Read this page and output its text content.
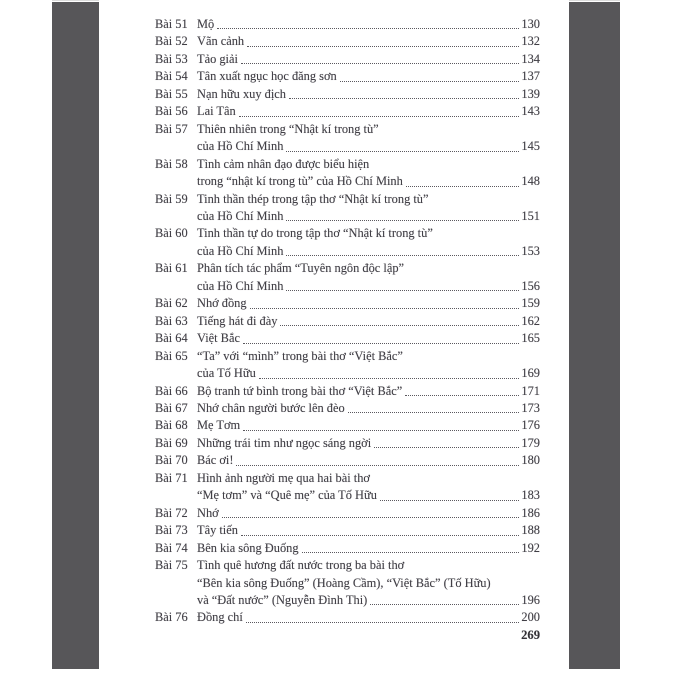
Bài 51 Mộ	130
Bài 52 Vãn cảnh	132
Bài 53 Tảo giải	134
Bài 54 Tân xuất ngục học đăng sơn	137
Bài 55 Nạn hữu xuy địch	139
Bài 56 Lai Tân	143
Bài 57 Thiên nhiên trong “Nhật kí trong tù”
của Hồ Chí Minh	145
Bài 58 Tình cảm nhân đạo được biểu hiện
trong “nhật kí trong tù” của Hồ Chí Minh	148
Bài 59 Tinh thần thép trong tập thơ “Nhật kí trong tù”
của Hồ Chí Minh	151
Bài 60 Tinh thần tự do trong tập thơ “Nhật kí trong tù”
của Hồ Chí Minh	153
Bài 61 Phân tích tác phẩm “Tuyên ngôn độc lập”
của Hồ Chí Minh	156
Bài 62 Nhớ đồng	159
Bài 63 Tiếng hát đi đày	162
Bài 64 Việt Bắc	165
Bài 65 “Ta” với “mình” trong bài thơ “Việt Bắc”
của Tố Hữu	169
Bài 66 Bộ tranh tứ bình trong bài thơ “Việt Bắc”	171
Bài 67 Nhớ chân người bước lên đèo	173
Bài 68 Mẹ Tơm	176
Bài 69 Những trái tim như ngọc sáng ngời	179
Bài 70 Bác ơi!	180
Bài 71 Hình ảnh người mẹ qua hai bài thơ
“Mẹ tơm” và “Quê mẹ” của Tố Hữu	183
Bài 72 Nhớ	186
Bài 73 Tây tiến	188
Bài 74 Bên kia sông Đuống	192
Bài 75 Tình quê hương đất nước trong ba bài thơ
“Bên kia sông Đuống” (Hoàng Cầm), “Việt Bắc” (Tố Hữu)
và “Đất nước” (Nguyễn Đình Thi)	196
Bài 76 Đồng chí	200
269
